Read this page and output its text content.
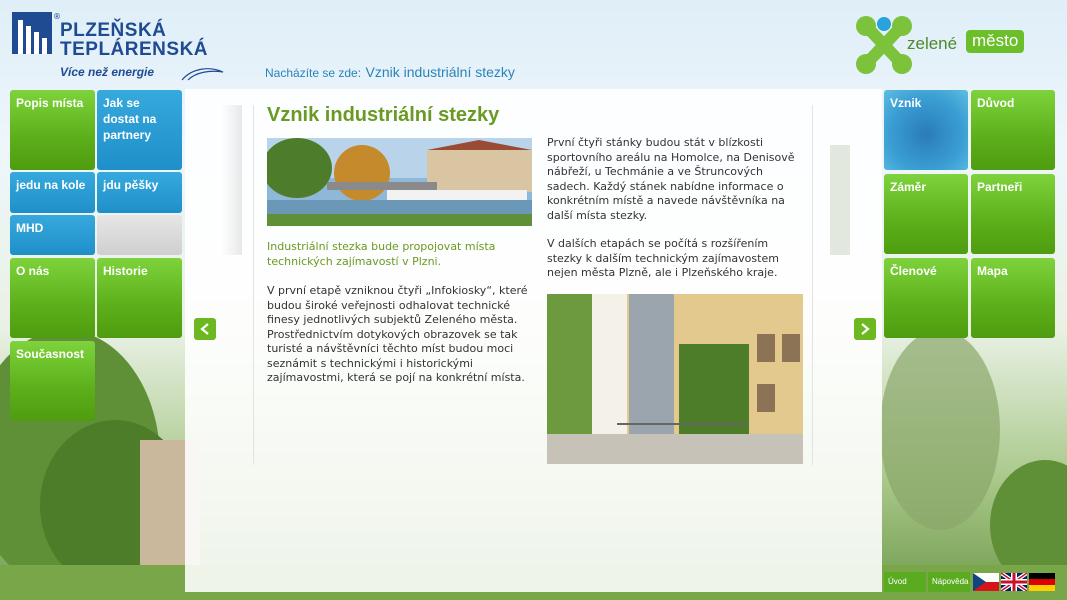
®
PLZEŇSKÁ
TEPLÁRENSKÁ
Více než energie	Nacházíte se zde: Vznik industriální stezky
zelené město
Vznik industriální stezky

Industriální stezka bude propojovat místa technických zajímavostí v Plzni.

V první etapě vzniknou čtyři „Infokiosky“, které budou široké veřejnosti odhalovat technické finesy jednotlivých subjektů Zeleného města. Prostřednictvím dotykových obrazovek se tak turisté a návštěvníci těchto míst budou moci seznámit s technickými i historickými zajímavostmi, která se pojí na konkrétní místa.

První čtyři stánky budou stát v blízkosti sportovního areálu na Homolce, na Denisově nábřeží, u Techmánie a ve Štruncových sadech. Každý stánek nabídne informace o konkrétním místě a navede návštěvníka na další místa stezky.

V dalších etapách se počítá s rozšířením stezky k dalším technickým zajímavostem nejen města Plzně, ale i Plzeňského kraje.

Popis místa	Jak se dostat na partnery
jedu na kole	jdu pěšky
MHD
O nás	Historie
Současnost
Vznik	Důvod
Záměr	Partneři
Členové	Mapa
Úvod	Nápověda
